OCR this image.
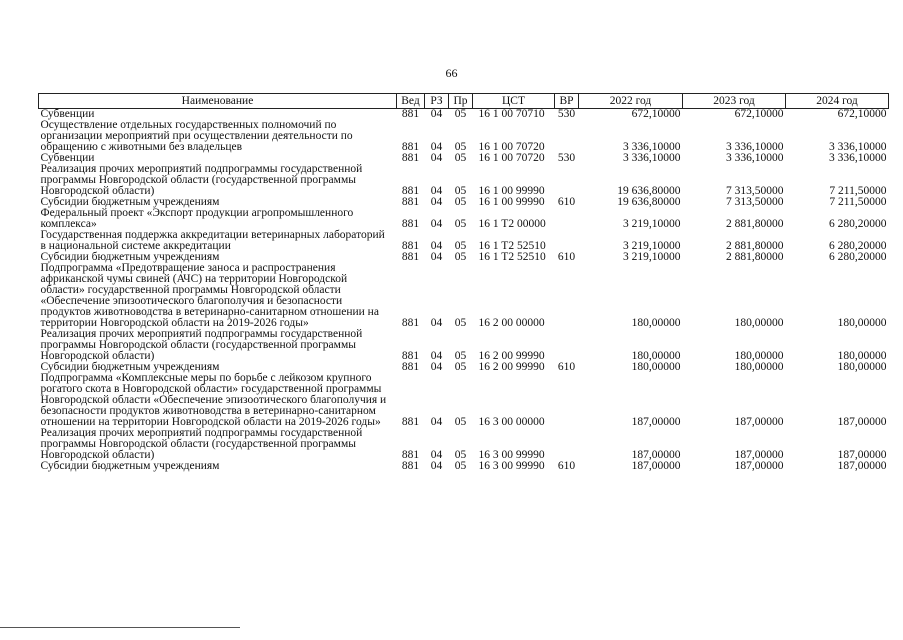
66
Наименование	Вед	РЗ	Пр	ЦСТ	ВР	2022 год	2023 год	2024 год
Субвенции	881	04	05	16 1 00 70710	530	672,10000	672,10000	672,10000
Осуществление отдельных государственных полномочий по организации мероприятий при осуществлении деятельности по обращению с животными без владельцев	881	04	05	16 1 00 70720		3 336,10000	3 336,10000	3 336,10000
Субвенции	881	04	05	16 1 00 70720	530	3 336,10000	3 336,10000	3 336,10000
Реализация прочих мероприятий подпрограммы государственной программы Новгородской области (государственной программы Новгородской области)	881	04	05	16 1 00 99990		19 636,80000	7 313,50000	7 211,50000
Субсидии бюджетным учреждениям	881	04	05	16 1 00 99990	610	19 636,80000	7 313,50000	7 211,50000
Федеральный проект «Экспорт продукции агропромышленного комплекса»	881	04	05	16 1 T2 00000		3 219,10000	2 881,80000	6 280,20000
Государственная поддержка аккредитации ветеринарных лабораторий в национальной системе аккредитации	881	04	05	16 1 T2 52510		3 219,10000	2 881,80000	6 280,20000
Субсидии бюджетным учреждениям	881	04	05	16 1 T2 52510	610	3 219,10000	2 881,80000	6 280,20000
Подпрограмма «Предотвращение заноса и распространения африканской чумы свиней (АЧС) на территории Новгородской области» государственной программы Новгородской области «Обеспечение эпизоотического благополучия и безопасности продуктов животноводства в ветеринарно-санитарном отношении на территории Новгородской области на 2019-2026 годы»	881	04	05	16 2 00 00000		180,00000	180,00000	180,00000
Реализация прочих мероприятий подпрограммы государственной программы Новгородской области (государственной программы Новгородской области)	881	04	05	16 2 00 99990		180,00000	180,00000	180,00000
Субсидии бюджетным учреждениям	881	04	05	16 2 00 99990	610	180,00000	180,00000	180,00000
Подпрограмма «Комплексные меры по борьбе с лейкозом крупного рогатого скота в Новгородской области» государственной программы Новгородской области «Обеспечение эпизоотического благополучия и безопасности продуктов животноводства в ветеринарно-санитарном отношении на территории Новгородской области на 2019-2026 годы»	881	04	05	16 3 00 00000		187,00000	187,00000	187,00000
Реализация прочих мероприятий подпрограммы государственной программы Новгородской области (государственной программы Новгородской области)	881	04	05	16 3 00 99990		187,00000	187,00000	187,00000
Субсидии бюджетным учреждениям	881	04	05	16 3 00 99990	610	187,00000	187,00000	187,00000
